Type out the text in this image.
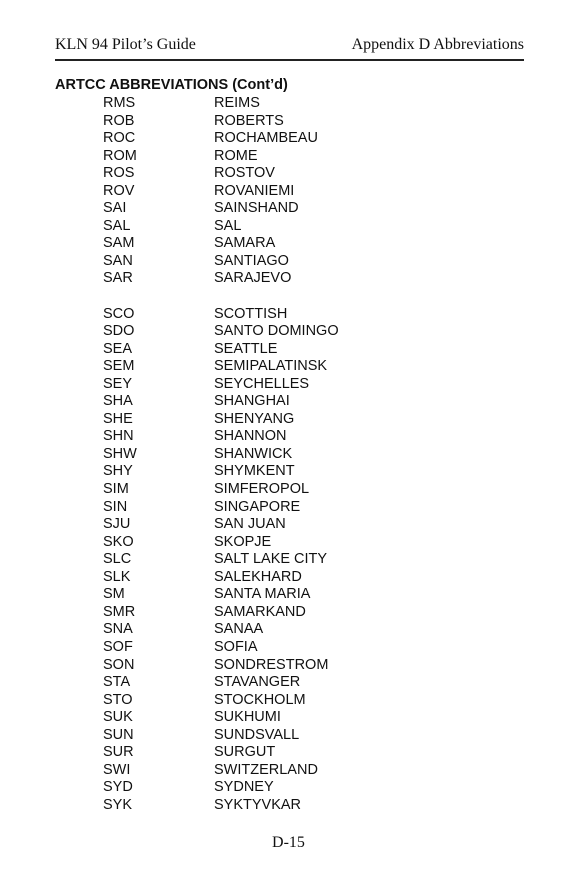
KLN 94 Pilot’s Guide	Appendix D Abbreviations
ARTCC ABBREVIATIONS (Cont’d)
RMS	REIMS
ROB	ROBERTS
ROC	ROCHAMBEAU
ROM	ROME
ROS	ROSTOV
ROV	ROVANIEMI
SAI	SAINSHAND
SAL	SAL
SAM	SAMARA
SAN	SANTIAGO
SAR	SARAJEVO
SCO	SCOTTISH
SDO	SANTO DOMINGO
SEA	SEATTLE
SEM	SEMIPALATINSK
SEY	SEYCHELLES
SHA	SHANGHAI
SHE	SHENYANG
SHN	SHANNON
SHW	SHANWICK
SHY	SHYMKENT
SIM	SIMFEROPOL
SIN	SINGAPORE
SJU	SAN JUAN
SKO	SKOPJE
SLC	SALT LAKE CITY
SLK	SALEKHARD
SM	SANTA MARIA
SMR	SAMARKAND
SNA	SANAA
SOF	SOFIA
SON	SONDRESTROM
STA	STAVANGER
STO	STOCKHOLM
SUK	SUKHUMI
SUN	SUNDSVALL
SUR	SURGUT
SWI	SWITZERLAND
SYD	SYDNEY
SYK	SYKTYVKAR
D-15
